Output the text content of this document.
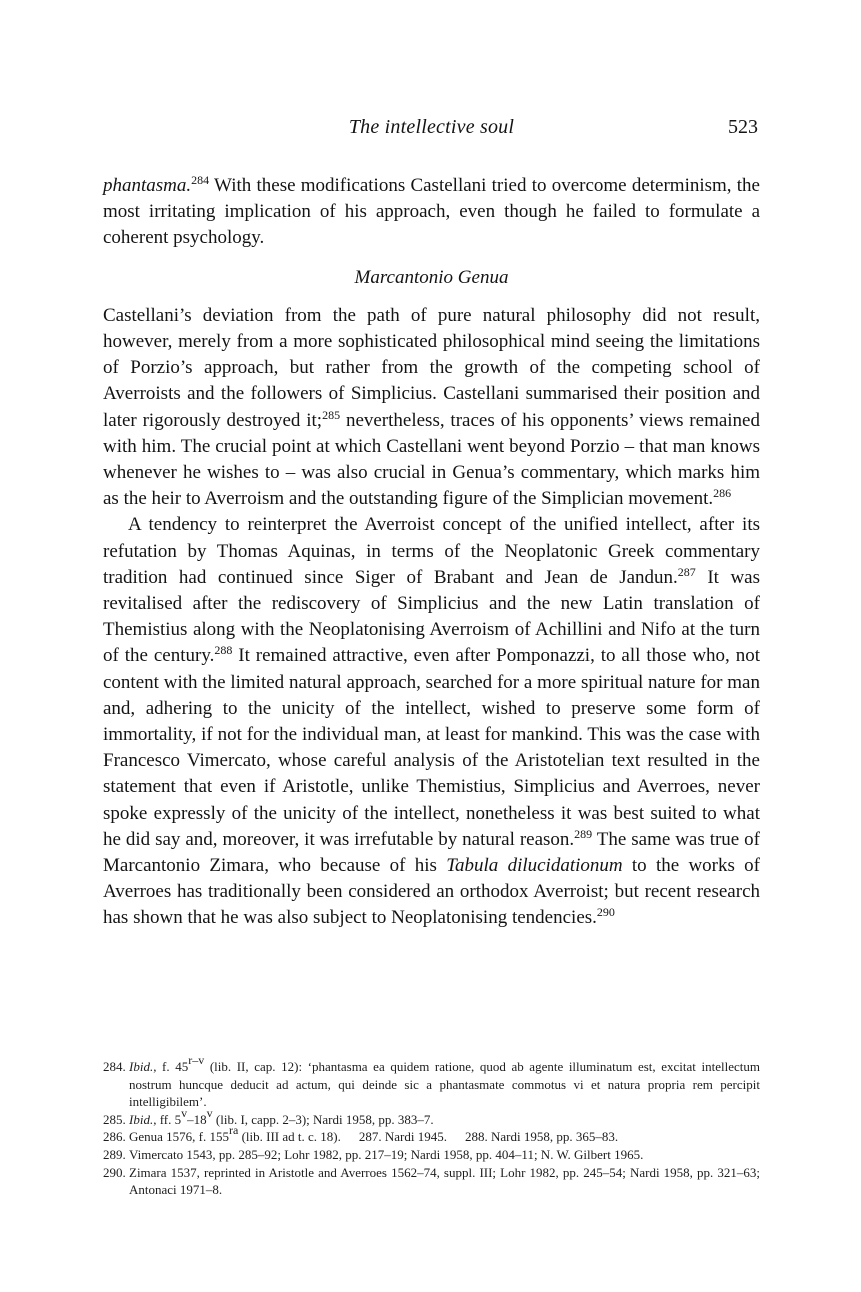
The intellective soul	523

phantasma.$^{284}$ With these modifications Castellani tried to overcome determinism, the most irritating implication of his approach, even though he failed to formulate a coherent psychology.

Marcantonio Genua

Castellani’s deviation from the path of pure natural philosophy did not result, however, merely from a more sophisticated philosophical mind seeing the limitations of Porzio’s approach, but rather from the growth of the competing school of Averroists and the followers of Simplicius. Castellani summarised their position and later rigorously destroyed it;$^{285}$ nevertheless, traces of his opponents’ views remained with him. The crucial point at which Castellani went beyond Porzio – that man knows whenever he wishes to – was also crucial in Genua’s commentary, which marks him as the heir to Averroism and the outstanding figure of the Simplician movement.$^{286}$

A tendency to reinterpret the Averroist concept of the unified intellect, after its refutation by Thomas Aquinas, in terms of the Neoplatonic Greek commentary tradition had continued since Siger of Brabant and Jean de Jandun.$^{287}$ It was revitalised after the rediscovery of Simplicius and the new Latin translation of Themistius along with the Neoplatonising Averroism of Achillini and Nifo at the turn of the century.$^{288}$ It remained attractive, even after Pomponazzi, to all those who, not content with the limited natural approach, searched for a more spiritual nature for man and, adhering to the unicity of the intellect, wished to preserve some form of immortality, if not for the individual man, at least for mankind. This was the case with Francesco Vimercato, whose careful analysis of the Aristotelian text resulted in the statement that even if Aristotle, unlike Themistius, Simplicius and Averroes, never spoke expressly of the unicity of the intellect, nonetheless it was best suited to what he did say and, moreover, it was irrefutable by natural reason.$^{289}$ The same was true of Marcantonio Zimara, who because of his Tabula dilucidationum to the works of Averroes has traditionally been considered an orthodox Averroist; but recent research has shown that he was also subject to Neoplatonising tendencies.$^{290}$

284. Ibid., f. 45$^{r-v}$ (lib. II, cap. 12): ‘phantasma ea quidem ratione, quod ab agente illuminatum est, excitat intellectum nostrum huncque deducit ad actum, qui deinde sic a phantasmate commotus vi et natura propria rem percipit intelligibilem’.
285. Ibid., ff. 5$^v$–18$^v$ (lib. I, capp. 2–3); Nardi 1958, pp. 383–7.
286. Genua 1576, f. $155^{ra}$ (lib. III ad t. c. 18). 287. Nardi 1945. 288. Nardi 1958, pp. 365–83.
289. Vimercato 1543, pp. 285–92; Lohr 1982, pp. 217–19; Nardi 1958, pp. 404–11; N. W. Gilbert 1965.
290. Zimara 1537, reprinted in Aristotle and Averroes 1562–74, suppl. III; Lohr 1982, pp. 245–54; Nardi 1958, pp. 321–63; Antonaci 1971–8.
